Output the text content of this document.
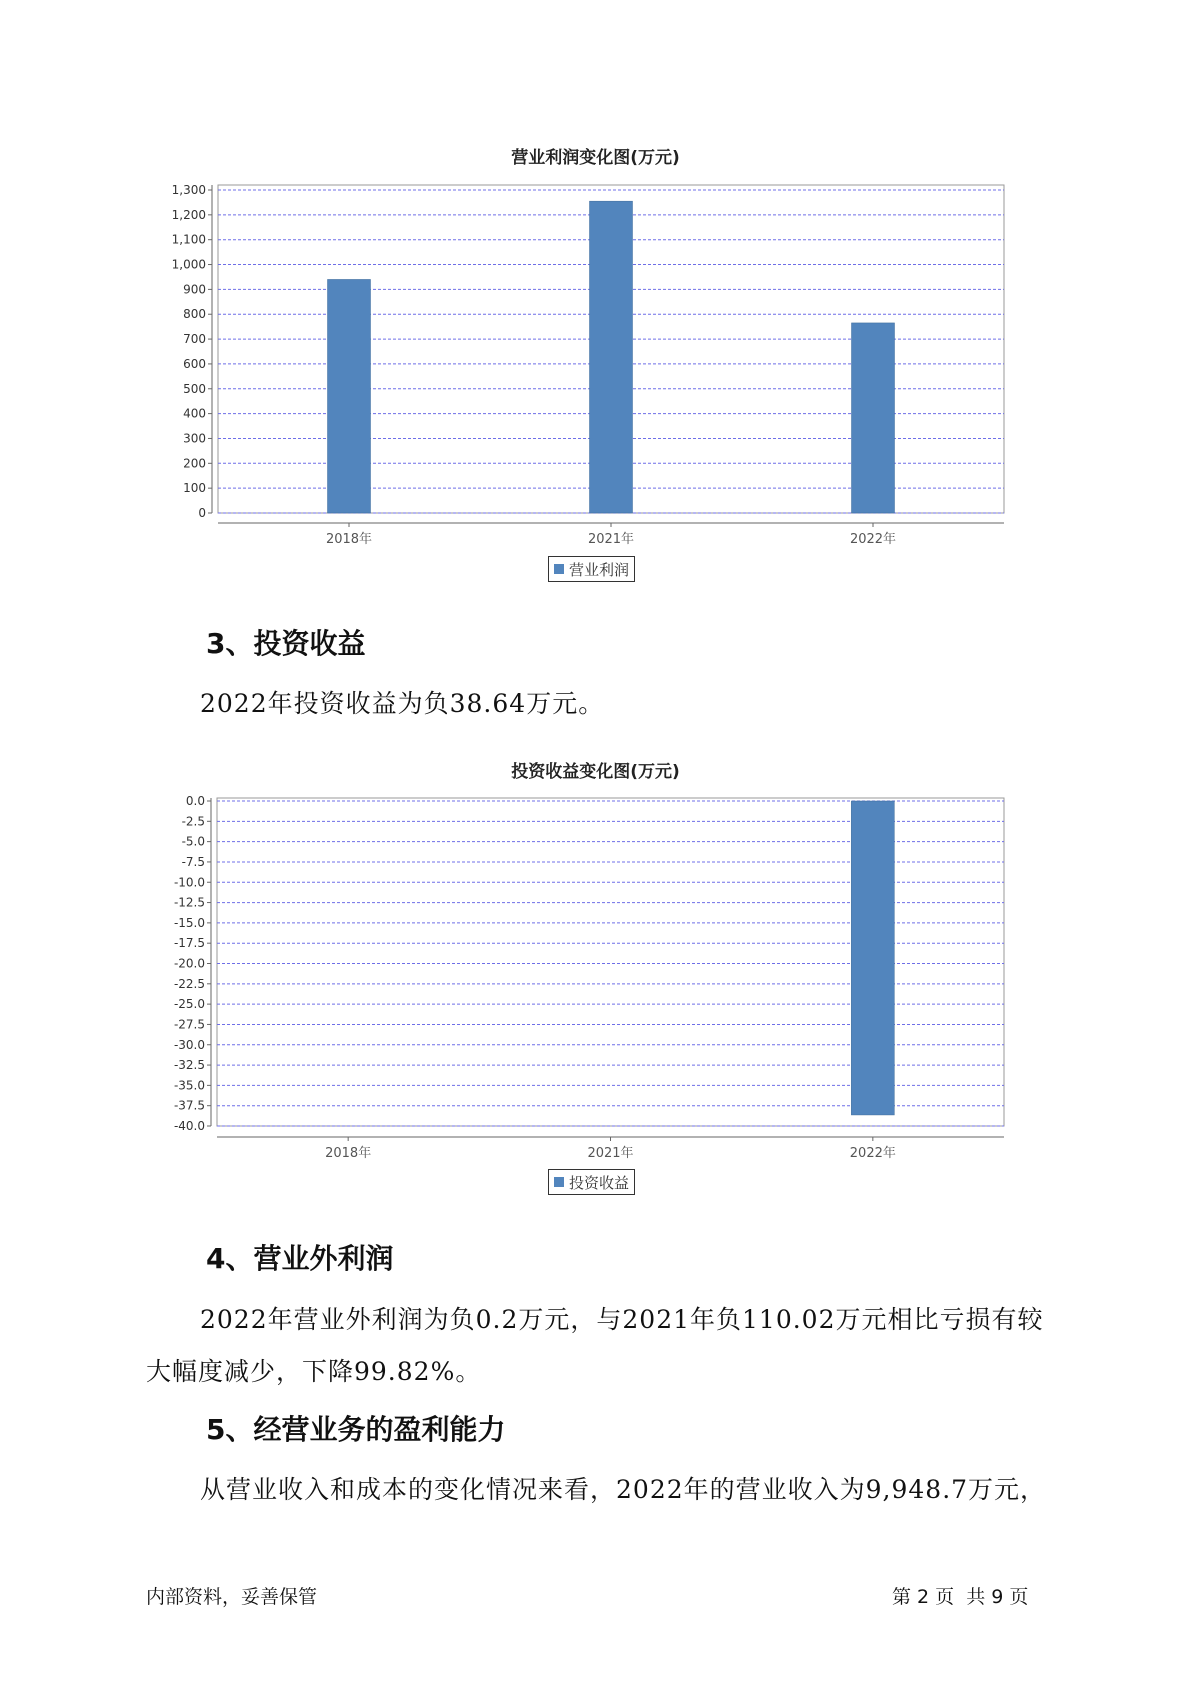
营业利润变化图(万元)
0
100
200
300
400
500
600
700
800
900
1,000
1,100
1,200
1,300
2018年	2021年	2022年
营业利润
3、投资收益
2022年投资收益为负38.64万元。
投资收益变化图(万元)
0.0
-2.5
-5.0
-7.5
-10.0
-12.5
-15.0
-17.5
-20.0
-22.5
-25.0
-27.5
-30.0
-32.5
-35.0
-37.5
-40.0
2018年	2021年	2022年
投资收益
4、营业外利润
2022年营业外利润为负0.2万元，与2021年负110.02万元相比亏损有较
大幅度减少，下降99.82%。
5、经营业务的盈利能力
从营业收入和成本的变化情况来看，2022年的营业收入为9,948.7万元，
内部资料，妥善保管	第 2 页  共 9 页
